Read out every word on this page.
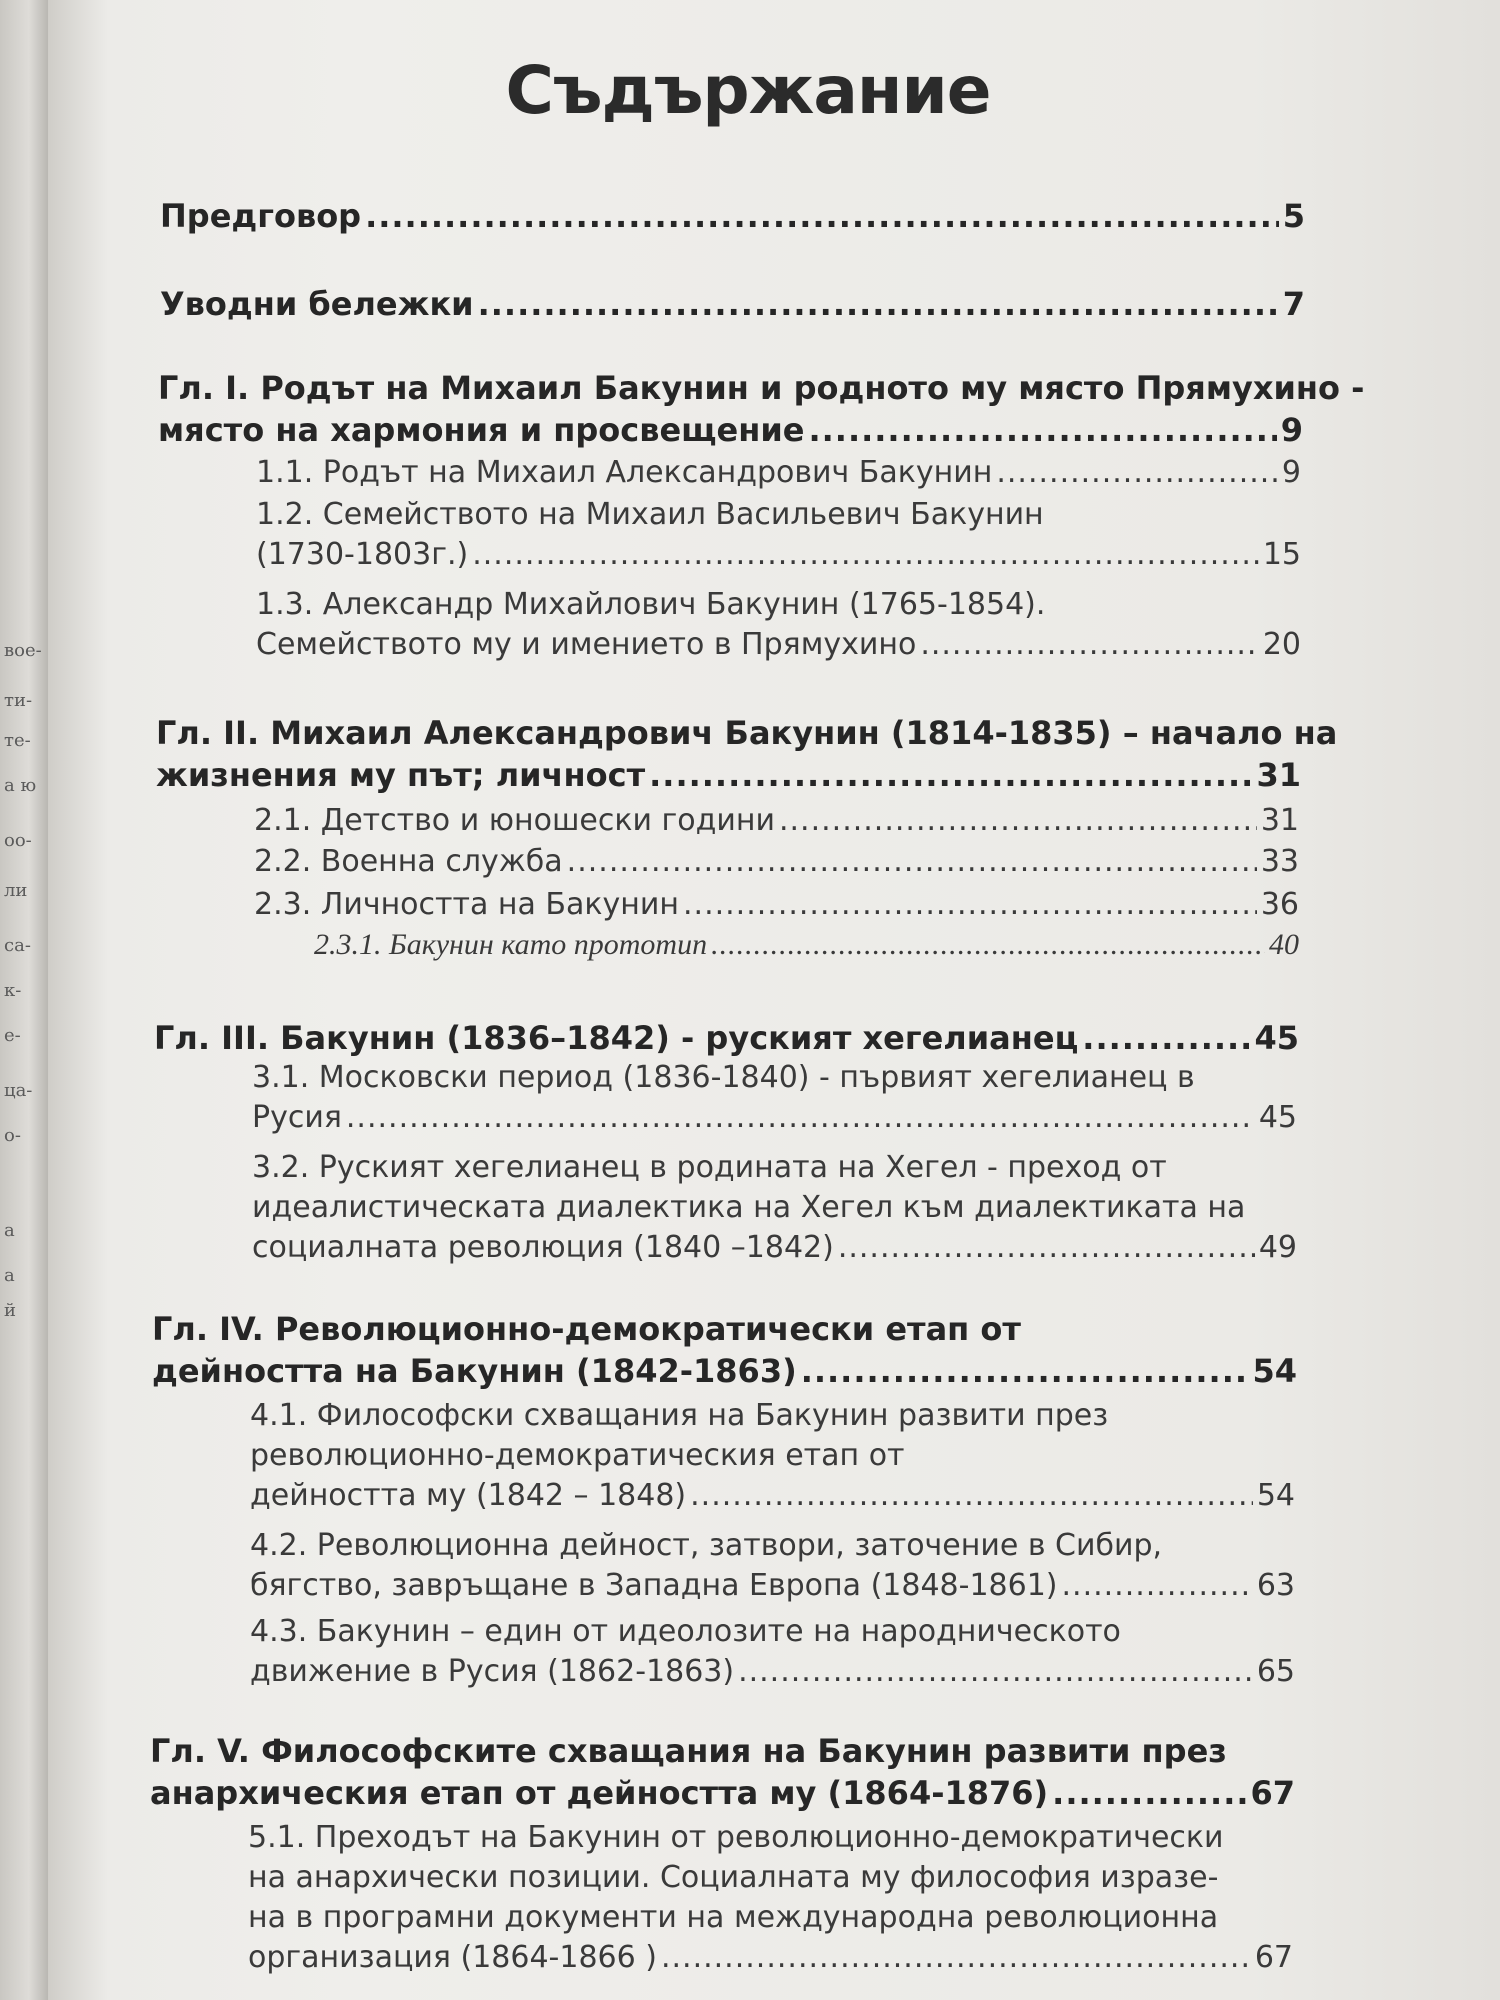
вое-
ти-
те-
а ю
оо-
ли
са-
к-
е-
ца-
о-
а
а
й
Съдържание
Предговор .....	5
Уводни бележки .....	7
Гл. I. Родът на Михаил Бакунин и родното му място Прямухино -
място на хармония и просвещение .....	9
1.1. Родът на Михаил Александрович Бакунин .....	9
1.2. Семейството на Михаил Васильевич Бакунин
(1730-1803г.) .....	15
1.3. Александр Михайлович Бакунин (1765-1854).
Семейството му и имението в Прямухино .....	20
Гл. II. Михаил Александрович Бакунин (1814-1835) – начало на
жизнения му път; личност .....	31
2.1. Детство и юношески години .....	31
2.2. Военна служба .....	33
2.3. Личността на Бакунин .....	36
2.3.1. Бакунин като прототип .....	40
Гл. III. Бакунин (1836–1842) - руският хегелианец .....	45
3.1. Московски период (1836-1840) - първият хегелианец в
Русия .....	45
3.2. Руският хегелианец в родината на Хегел - преход от
идеалистическата диалектика на Хегел към диалектиката на
социалната революция (1840 –1842) .....	49
Гл. IV. Революционно-демократически етап от
дейността на Бакунин (1842-1863) .....	54
4.1. Философски схващания на Бакунин развити през
революционно-демократическия етап от
дейността му (1842 – 1848) .....	54
4.2. Революционна дейност, затвори, заточение в Сибир,
бягство, завръщане в Западна Европа (1848-1861) .....	63
4.3. Бакунин – един от идеолозите на народническото
движение в Русия (1862-1863) .....	65
Гл. V. Философските схващания на Бакунин развити през
анархическия етап от дейността му (1864-1876) .....	67
5.1. Преходът на Бакунин от революционно-демократически
на анархически позиции. Социалната му философия изразе-
на в програмни документи на международна революционна
организация (1864-1866 ) .....	67
